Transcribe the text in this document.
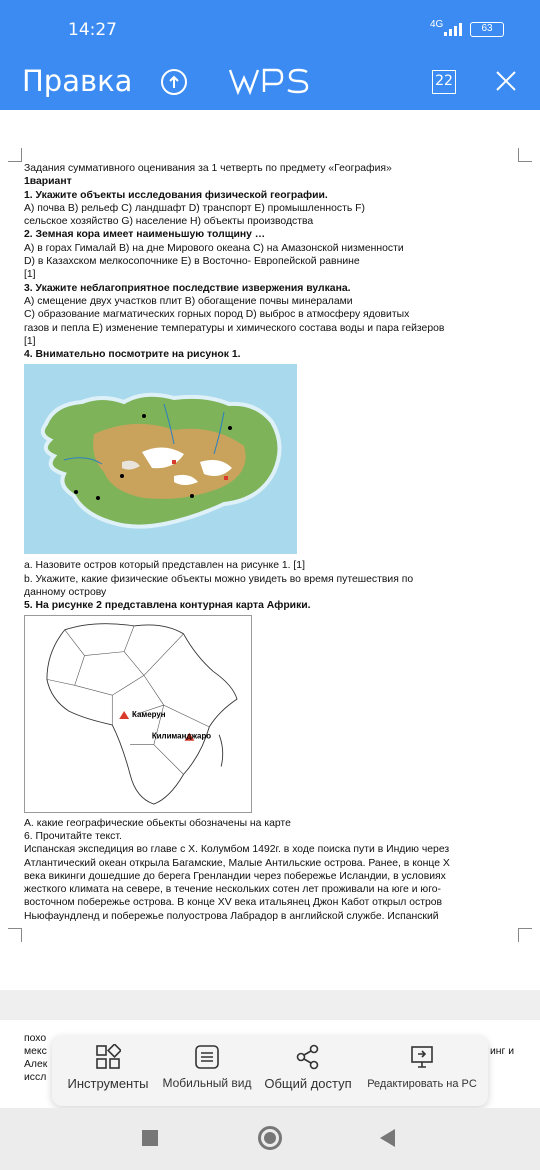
14:27	4G	63
Правка	22

Задания суммативного оценивания за 1 четверть по предмету «География»

1вариант

1. Укажите объекты исследования физической географии.

A) почва B) рельеф C) ландшафт D) транспорт E) промышленность F)

сельское хозяйство G) население H) объекты производства

2. Земная кора имеет наименьшую толщину …

А) в горах Гималай В) на дне Мирового океана С) на Амазонской низменности

D) в Казахском мелкосопочнике Е) в Восточно- Европейской равнине

[1]

3. Укажите неблагоприятное последствие извержения вулкана.

A) смещение двух участков плит B) обогащение почвы минералами

C) образование магматических горных пород D) выброс в атмосферу ядовитых

газов и пепла E) изменение температуры и химического состава воды и пара гейзеров

[1]

4. Внимательно посмотрите на рисунок 1.

а. Назовите остров который представлен на рисунке 1. [1]

b. Укажите, какие физические объекты можно увидеть во время путешествия по

данному острову

5. На рисунке 2 представлена контурная карта Африки.

Камерун
Килиманджаро

А. какие географические обьекты обозначены на карте

6. Прочитайте текст.

Испанская экспедиция во главе с Х. Колумбом 1492г. в ходе поиска пути в Индию через

Атлантический океан открыла Багамские, Малые Антильские острова. Ранее, в конце Х

века викинги дошедшие до берега Гренландии через побережье Исландии, в условиях

жесткого климата на севере, в течение нескольких сотен лет проживали на юге и юго-

восточном побережье острова. В конце XV века итальянец Джон Кабот открыл остров

Ньюфаундленд и побережье полуострова Лабрадор в английской службе. Испанский

похо
мекс
Алек
иссл
инг и
Инструменты	Мобильный вид Общий доступ	Редактировать на PC
